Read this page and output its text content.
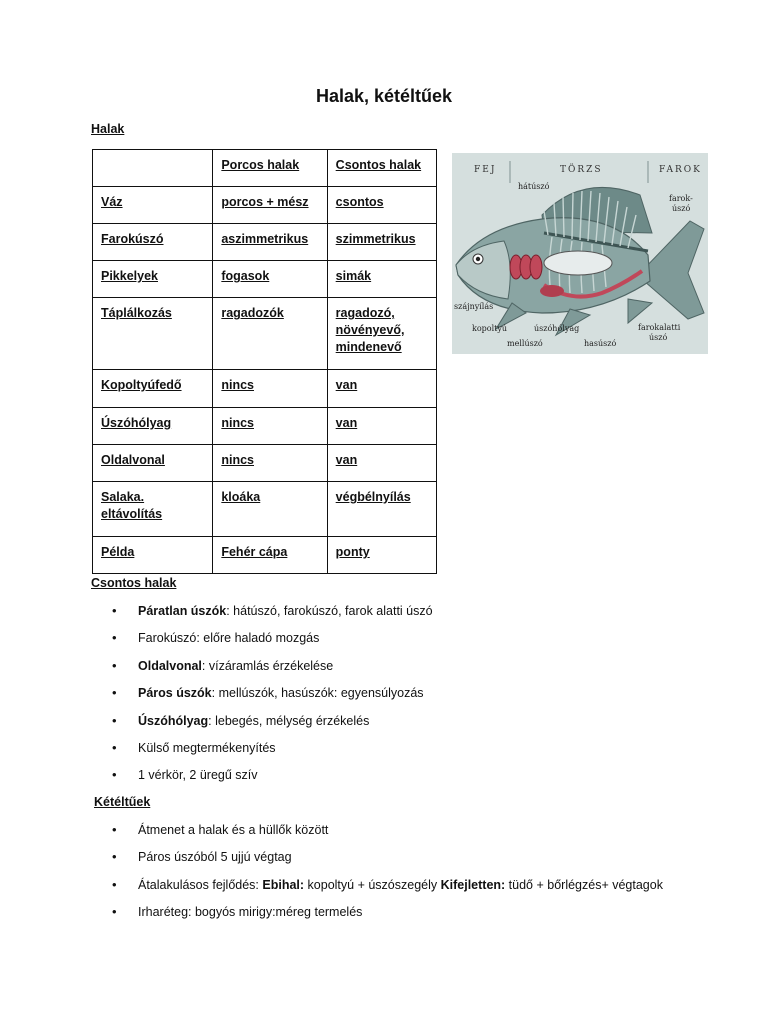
Halak, kétéltűek
Halak
	Porcos halak	Csontos halak
Váz	porcos + mész	csontos
Farokúszó	aszimmetrikus	szimmetrikus
Pikkelyek	fogasok	simák
Táplálkozás	ragadozók	ragadozó, növényevő, mindenevő
Kopoltyúfedő	nincs	van
Úszóhólyag	nincs	van
Oldalvonal	nincs	van
Salaka. eltávolítás	kloáka	végbélnyílás
Példa	Fehér cápa	ponty
FEJ	TÖRZS	FAROK
hátúszó
farok-
úszó
szájnyílás
kopoltyú	úszóhólyag
mellúszó	hasúszó
farokalatti
úszó
Csontos halak
• Páratlan úszók: hátúszó, farokúszó, farok alatti úszó
• Farokúszó: előre haladó mozgás
• Oldalvonal: vízáramlás érzékelése
• Páros úszók: mellúszók, hasúszók: egyensúlyozás
• Úszóhólyag: lebegés, mélység érzékelés
• Külső megtermékenyítés
• 1 vérkör, 2 üregű szív
Kétéltűek
• Átmenet a halak és a hüllők között
• Páros úszóból 5 ujjú végtag
• Átalakulásos fejlődés: Ebihal: kopoltyú + úszószegély Kifejletten: tüdő + bőrlégzés+ végtagok
• Irharéteg: bogyós mirigy:méreg termelés
